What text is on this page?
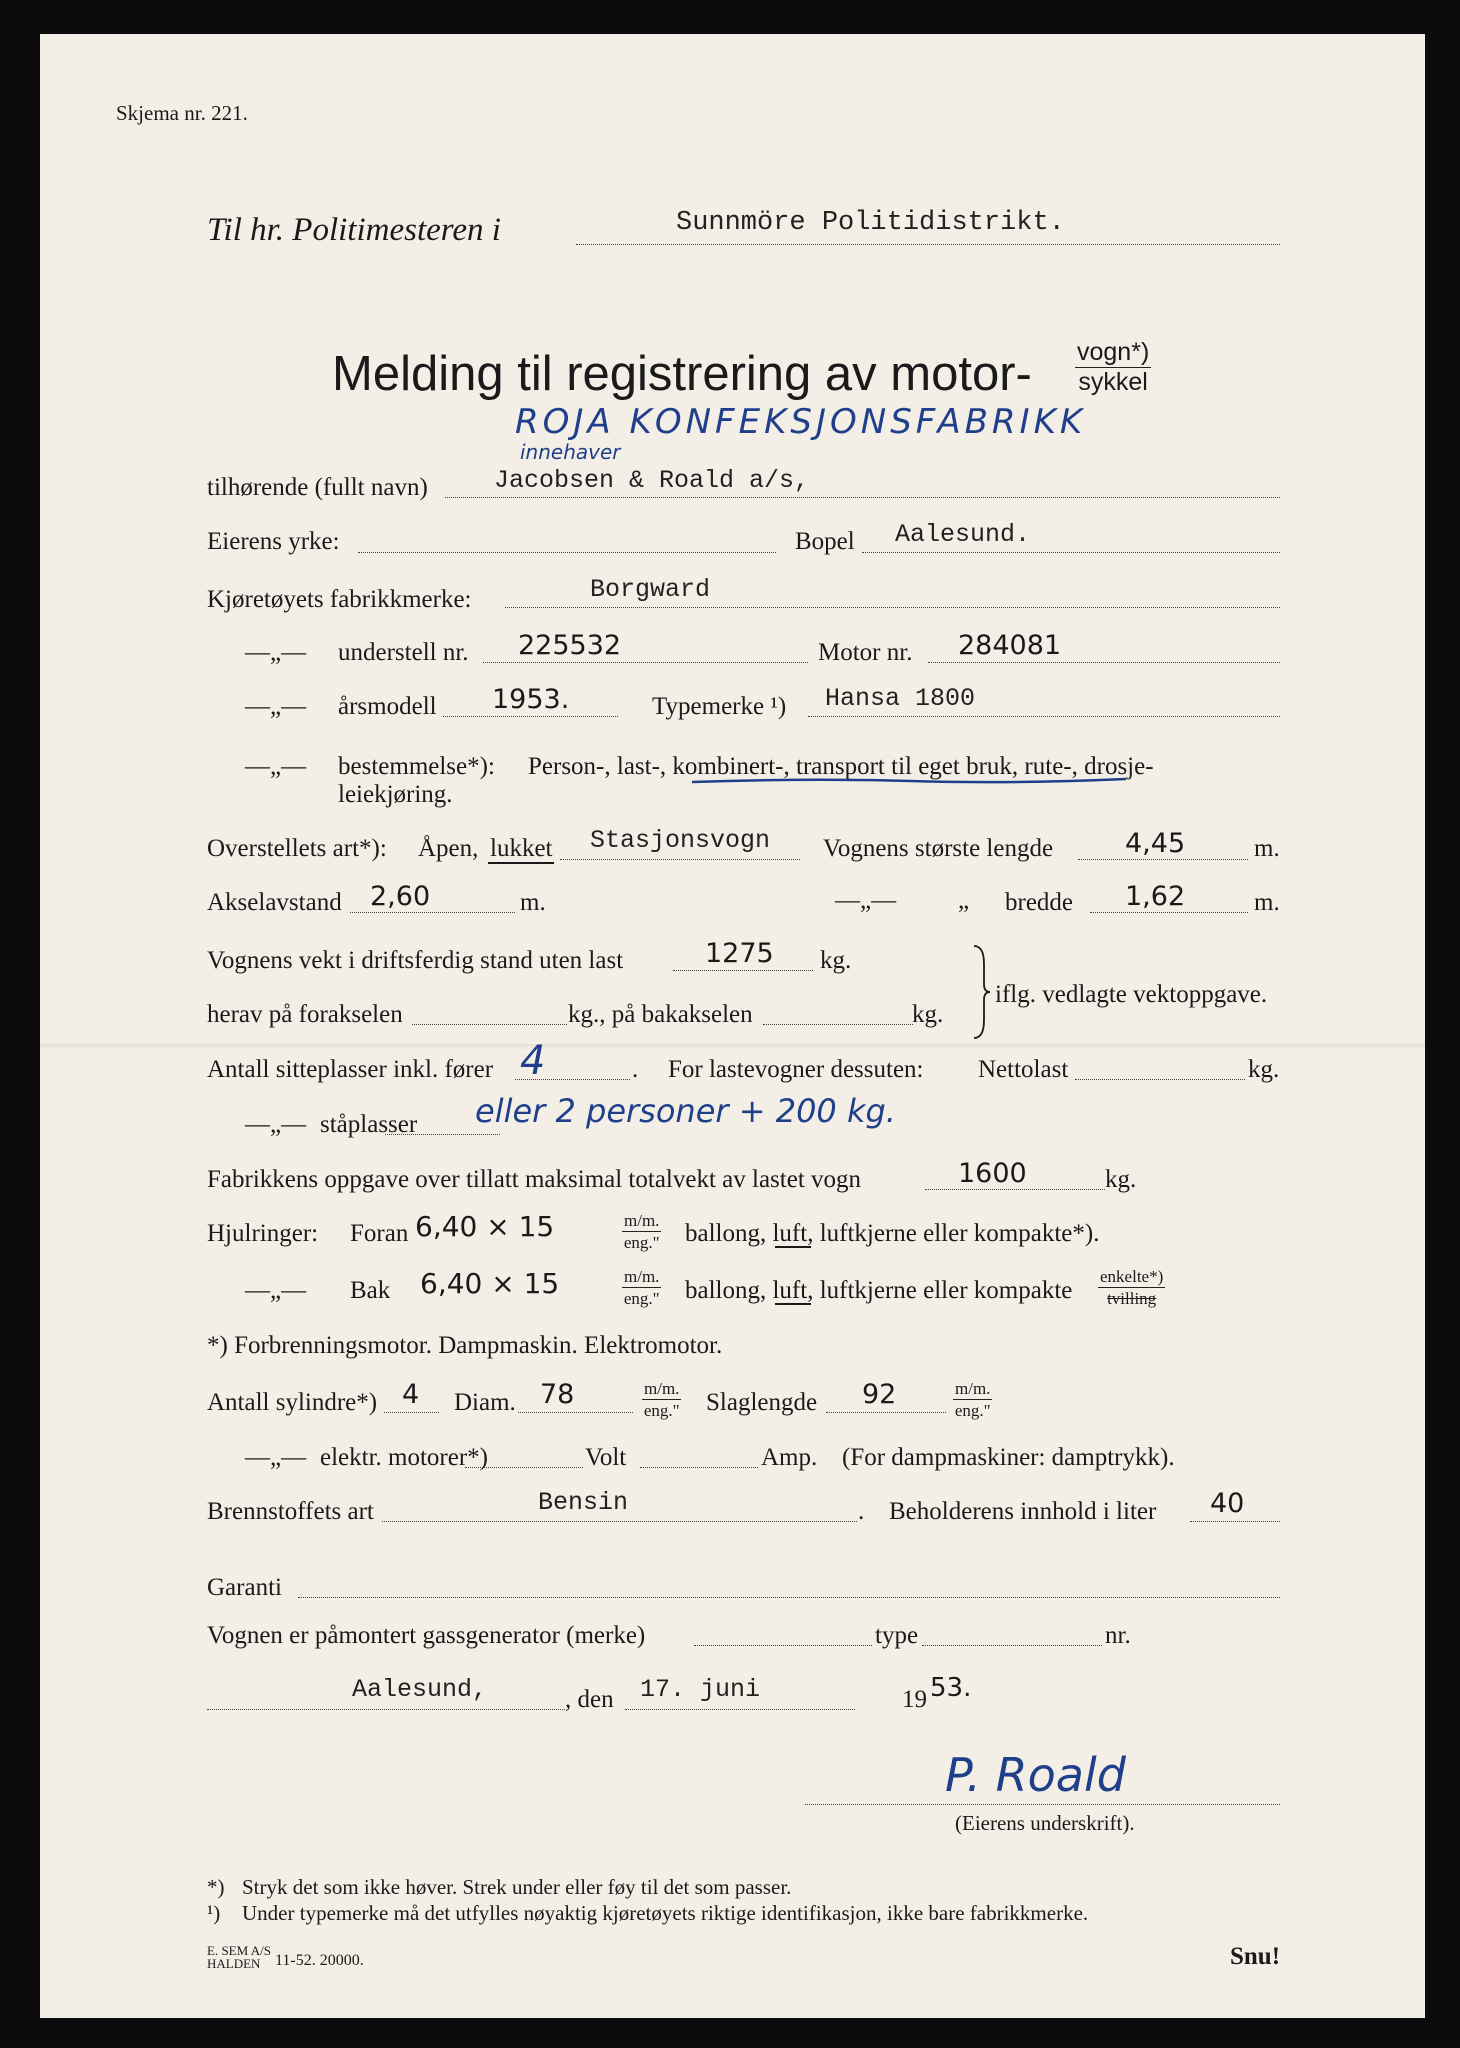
Skjema nr. 221.
Til hr. Politimesteren i	Sunnmöre Politidistrikt.
Melding til registrering av motor- vogn*)
sykkel
ROJA KONFEKSJONSFABRIKK
innehaver
tilhørende (fullt navn)	Jacobsen & Roald a/s,
Eierens yrke:	Bopel Aalesund.
Kjøretøyets fabrikkmerke:	Borgward
—„— understell nr. 225532	Motor nr. 284081
—„— årsmodell 1953.	Typemerke ¹) Hansa 1800
—„— bestemmelse*): Person-, last-, kombinert-, transport til eget bruk, rute-, drosje-
leiekjøring.
Overstellets art*): Åpen, lukket Stasjonsvogn Vognens største lengde	4,45	m.
Akselavstand 2,60	m.	—„— „ bredde 1,62	m.
Vognens vekt i driftsferdig stand uten last	1275 kg.
herav på forakselen	kg., på bakakselen	kg.
iflg. vedlagte vektoppgave.
Antall sitteplasser inkl. fører 4	. For lastevogner dessuten: Nettolast	kg.
—„— ståplasser eller 2 personer + 200 kg.
Fabrikkens oppgave over tillatt maksimal totalvekt av lastet vogn	1600	kg.
Hjulringer: Foran 6,40 × 15	m/m.
eng." ballong, luft, luftkjerne eller kompakte*).
—„— Bak 6,40 × 15	m/m.
eng." ballong, luft, luftkjerne eller kompakte
enkelte*)
tvilling
*) Forbrenningsmotor. Dampmaskin. Elektromotor.
Antall sylindre*) 4 Diam. 78	m/m.
eng." Slaglengde 92	m/m.
eng."
—„— elektr. motorer*)	Volt	Amp. (For dampmaskiner: damptrykk).
Brennstoffets art	Bensin	. Beholderens innhold i liter 40
Garanti
Vognen er påmontert gassgenerator (merke)	type	nr.
Aalesund,	, den 17. juni	19 53.
P. Roald
(Eierens underskrift).
*) Stryk det som ikke høver. Strek under eller føy til det som passer.
¹) Under typemerke må det utfylles nøyaktig kjøretøyets riktige identifikasjon, ikke bare fabrikkmerke.
E. SEM A/S
HALDEN 11-52. 20000.	Snu!
